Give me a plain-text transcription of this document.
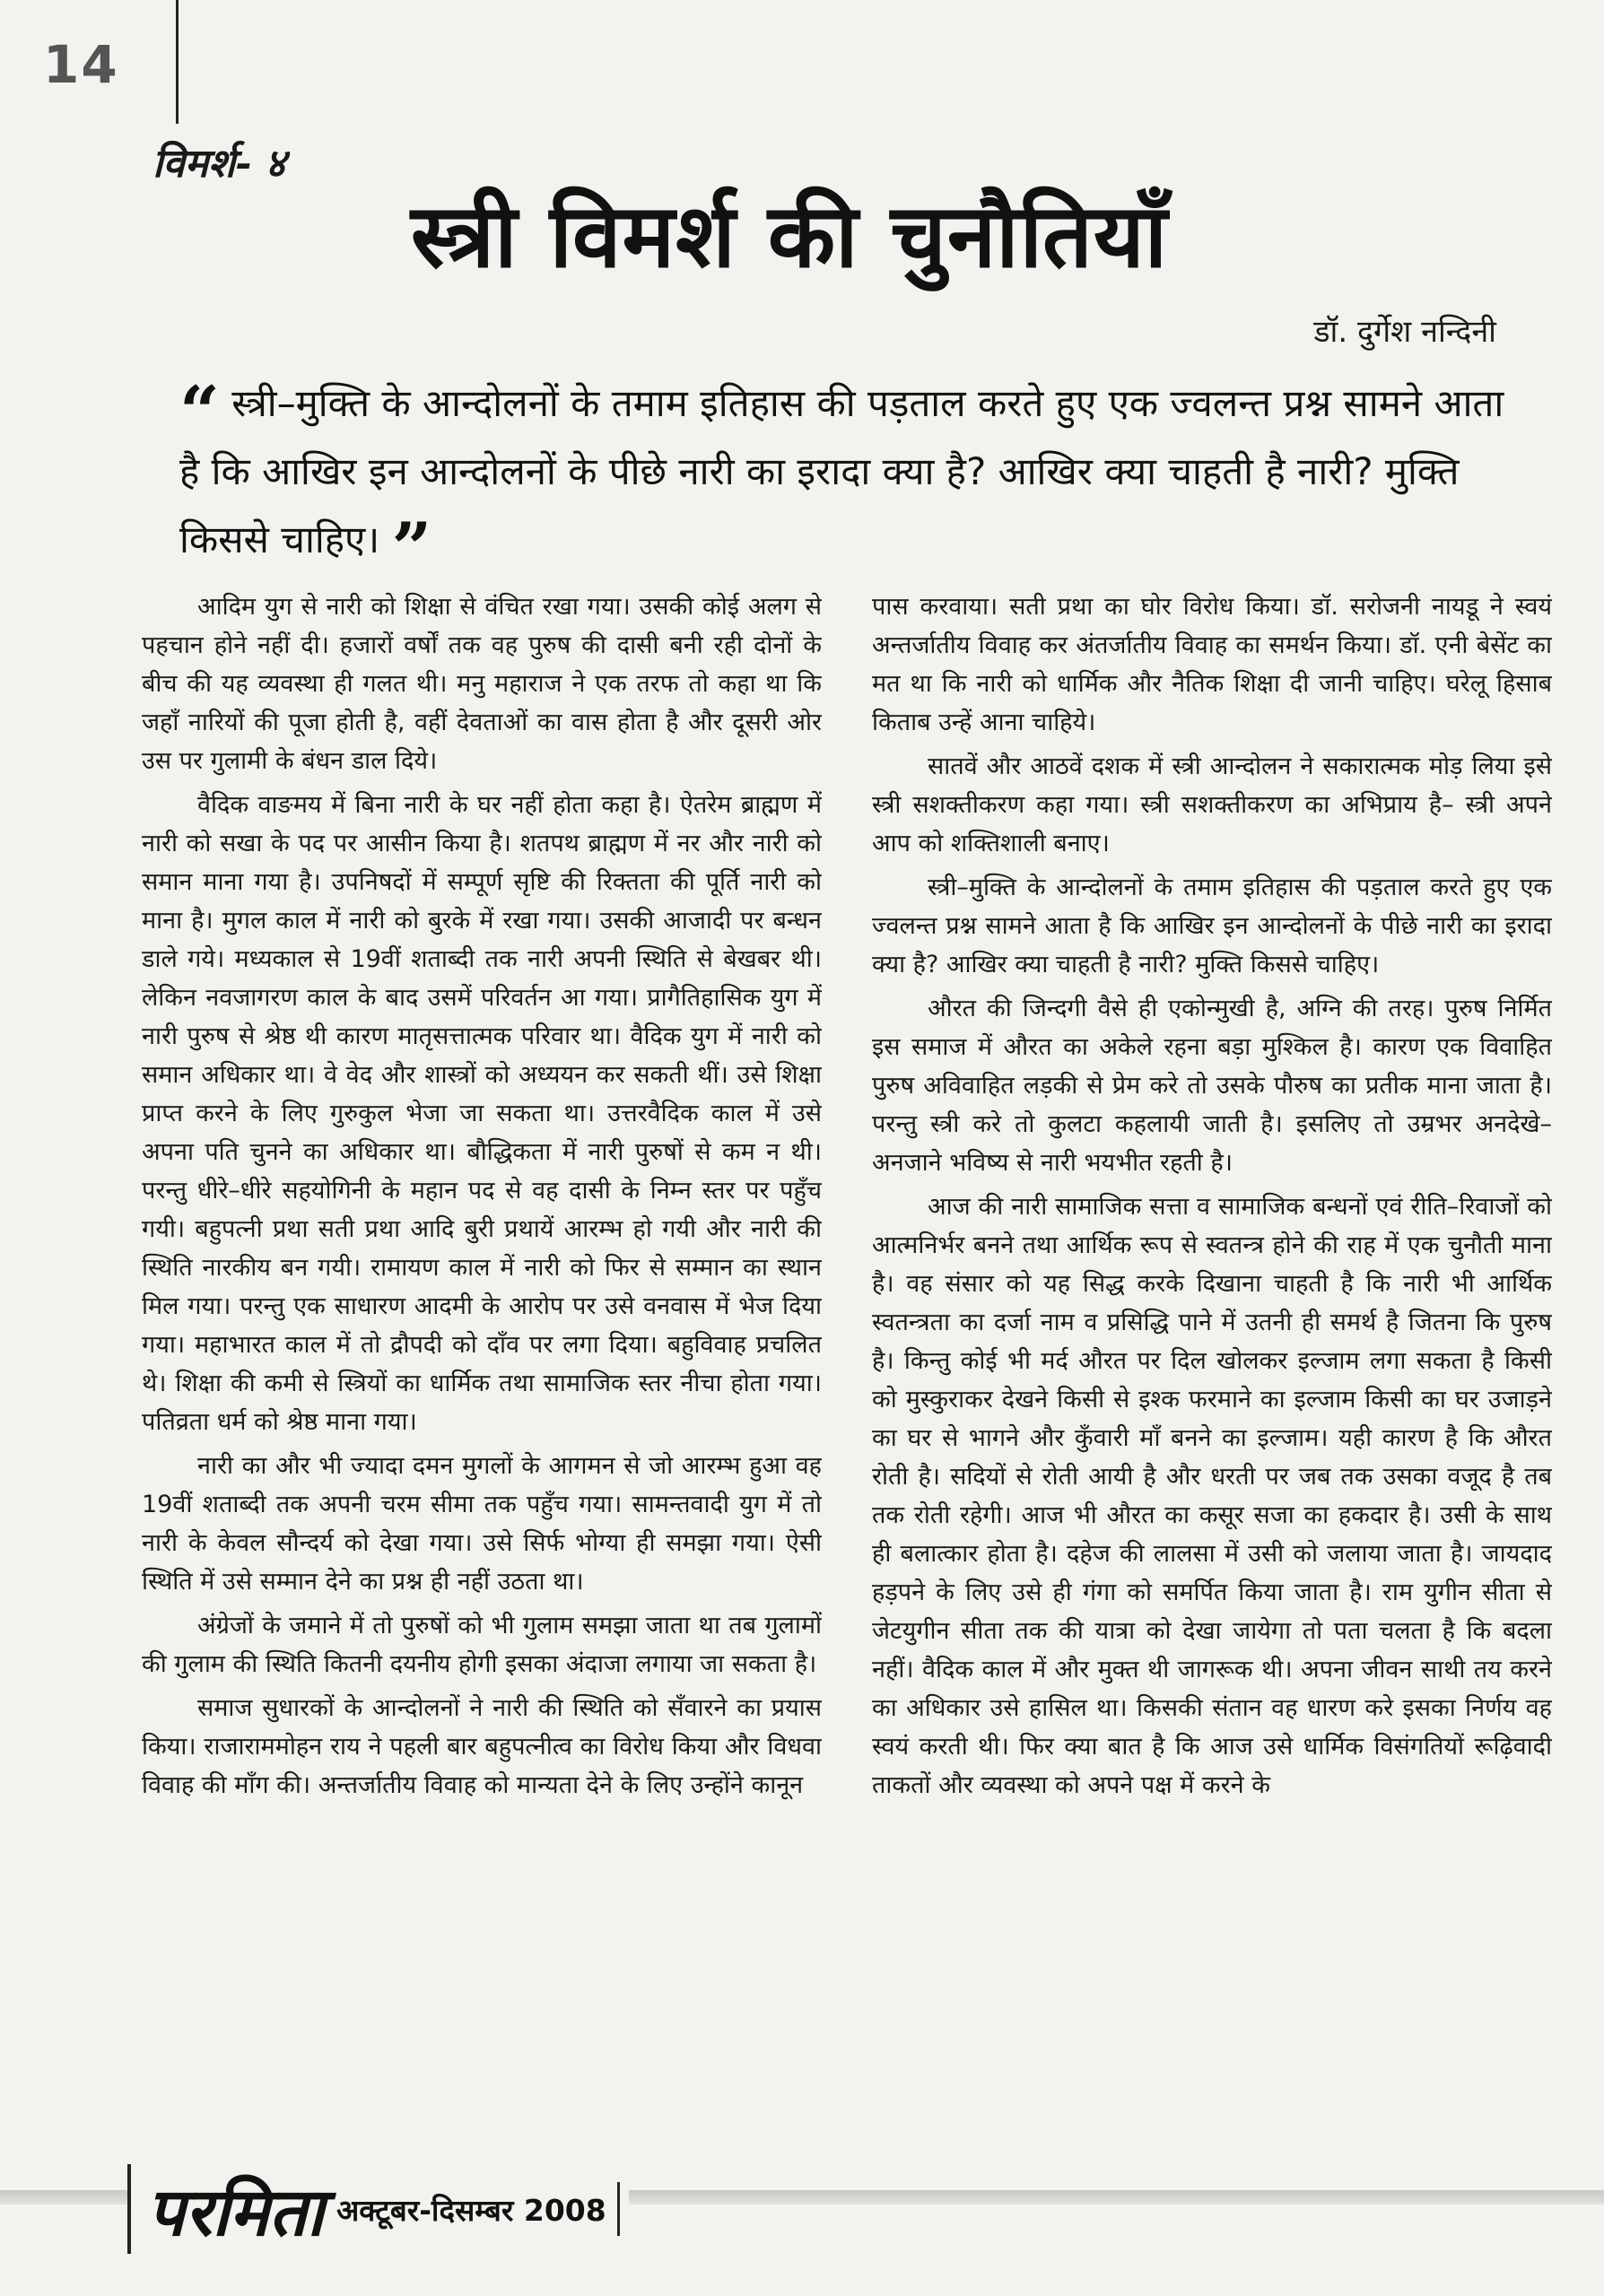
14
विमर्श- ४
स्त्री विमर्श की चुनौतियाँ
डॉ. दुर्गेश नन्दिनी
“ स्त्री–मुक्ति के आन्दोलनों के तमाम इतिहास की पड़ताल करते हुए एक ज्वलन्त प्रश्न सामने आता है कि आखिर इन आन्दोलनों के पीछे नारी का इरादा क्या है? आखिर क्या चाहती है नारी? मुक्ति किससे चाहिए। ”

आदिम युग से नारी को शिक्षा से वंचित रखा गया। उसकी कोई अलग से पहचान होने नहीं दी। हजारों वर्षों तक वह पुरुष की दासी बनी रही दोनों के बीच की यह व्यवस्था ही गलत थी। मनु महाराज ने एक तरफ तो कहा था कि जहाँ नारियों की पूजा होती है, वहीं देवताओं का वास होता है और दूसरी ओर उस पर गुलामी के बंधन डाल दिये।

वैदिक वाङमय में बिना नारी के घर नहीं होता कहा है। ऐतरेम ब्राह्मण में नारी को सखा के पद पर आसीन किया है। शतपथ ब्राह्मण में नर और नारी को समान माना गया है। उपनिषदों में सम्पूर्ण सृष्टि की रिक्तता की पूर्ति नारी को माना है। मुगल काल में नारी को बुरके में रखा गया। उसकी आजादी पर बन्धन डाले गये। मध्यकाल से 19वीं शताब्दी तक नारी अपनी स्थिति से बेखबर थी। लेकिन नवजागरण काल के बाद उसमें परिवर्तन आ गया। प्रागैतिहासिक युग में नारी पुरुष से श्रेष्ठ थी कारण मातृसत्तात्मक परिवार था। वैदिक युग में नारी को समान अधिकार था। वे वेद और शास्त्रों को अध्ययन कर सकती थीं। उसे शिक्षा प्राप्त करने के लिए गुरुकुल भेजा जा सकता था। उत्तरवैदिक काल में उसे अपना पति चुनने का अधिकार था। बौद्धिकता में नारी पुरुषों से कम न थी। परन्तु धीरे–धीरे सहयोगिनी के महान पद से वह दासी के निम्न स्तर पर पहुँच गयी। बहुपत्नी प्रथा सती प्रथा आदि बुरी प्रथायें आरम्भ हो गयी और नारी की स्थिति नारकीय बन गयी। रामायण काल में नारी को फिर से सम्मान का स्थान मिल गया। परन्तु एक साधारण आदमी के आरोप पर उसे वनवास में भेज दिया गया। महाभारत काल में तो द्रौपदी को दाँव पर लगा दिया। बहुविवाह प्रचलित थे। शिक्षा की कमी से स्त्रियों का धार्मिक तथा सामाजिक स्तर नीचा होता गया। पतिव्रता धर्म को श्रेष्ठ माना गया।

नारी का और भी ज्यादा दमन मुगलों के आगमन से जो आरम्भ हुआ वह 19वीं शताब्दी तक अपनी चरम सीमा तक पहुँच गया। सामन्तवादी युग में तो नारी के केवल सौन्दर्य को देखा गया। उसे सिर्फ भोग्या ही समझा गया। ऐसी स्थिति में उसे सम्मान देने का प्रश्न ही नहीं उठता था।

अंग्रेजों के जमाने में तो पुरुषों को भी गुलाम समझा जाता था तब गुलामों की गुलाम की स्थिति कितनी दयनीय होगी इसका अंदाजा लगाया जा सकता है।

समाज सुधारकों के आन्दोलनों ने नारी की स्थिति को सँवारने का प्रयास किया। राजाराममोहन राय ने पहली बार बहुपत्नीत्व का विरोध किया और विधवा विवाह की माँग की। अन्तर्जातीय विवाह को मान्यता देने के लिए उन्होंने कानून

पास करवाया। सती प्रथा का घोर विरोध किया। डॉ. सरोजनी नायडू ने स्वयं अन्तर्जातीय विवाह कर अंतर्जातीय विवाह का समर्थन किया। डॉ. एनी बेसेंट का मत था कि नारी को धार्मिक और नैतिक शिक्षा दी जानी चाहिए। घरेलू हिसाब किताब उन्हें आना चाहिये।

सातवें और आठवें दशक में स्त्री आन्दोलन ने सकारात्मक मोड़ लिया इसे स्त्री सशक्तीकरण कहा गया। स्त्री सशक्तीकरण का अभिप्राय है– स्त्री अपने आप को शक्तिशाली बनाए।

स्त्री–मुक्ति के आन्दोलनों के तमाम इतिहास की पड़ताल करते हुए एक ज्वलन्त प्रश्न सामने आता है कि आखिर इन आन्दोलनों के पीछे नारी का इरादा क्या है? आखिर क्या चाहती है नारी? मुक्ति किससे चाहिए।

औरत की जिन्दगी वैसे ही एकोन्मुखी है, अग्नि की तरह। पुरुष निर्मित इस समाज में औरत का अकेले रहना बड़ा मुश्किल है। कारण एक विवाहित पुरुष अविवाहित लड़की से प्रेम करे तो उसके पौरुष का प्रतीक माना जाता है। परन्तु स्त्री करे तो कुलटा कहलायी जाती है। इसलिए तो उम्रभर अनदेखे–अनजाने भविष्य से नारी भयभीत रहती है।

आज की नारी सामाजिक सत्ता व सामाजिक बन्धनों एवं रीति–रिवाजों को आत्मनिर्भर बनने तथा आर्थिक रूप से स्वतन्त्र होने की राह में एक चुनौती माना है। वह संसार को यह सिद्ध करके दिखाना चाहती है कि नारी भी आर्थिक स्वतन्त्रता का दर्जा नाम व प्रसिद्धि पाने में उतनी ही समर्थ है जितना कि पुरुष है। किन्तु कोई भी मर्द औरत पर दिल खोलकर इल्जाम लगा सकता है किसी को मुस्कुराकर देखने किसी से इश्क फरमाने का इल्जाम किसी का घर उजाड़ने का घर से भागने और कुँवारी माँ बनने का इल्जाम। यही कारण है कि औरत रोती है। सदियों से रोती आयी है और धरती पर जब तक उसका वजूद है तब तक रोती रहेगी। आज भी औरत का कसूर सजा का हकदार है। उसी के साथ ही बलात्कार होता है। दहेज की लालसा में उसी को जलाया जाता है। जायदाद हड़पने के लिए उसे ही गंगा को समर्पित किया जाता है। राम युगीन सीता से जेटयुगीन सीता तक की यात्रा को देखा जायेगा तो पता चलता है कि बदला नहीं। वैदिक काल में और मुक्त थी जागरूक थी। अपना जीवन साथी तय करने का अधिकार उसे हासिल था। किसकी संतान वह धारण करे इसका निर्णय वह स्वयं करती थी। फिर क्या बात है कि आज उसे धार्मिक विसंगतियों रूढ़िवादी ताकतों और व्यवस्था को अपने पक्ष में करने के

परमिता अक्टूबर-दिसम्बर 2008
